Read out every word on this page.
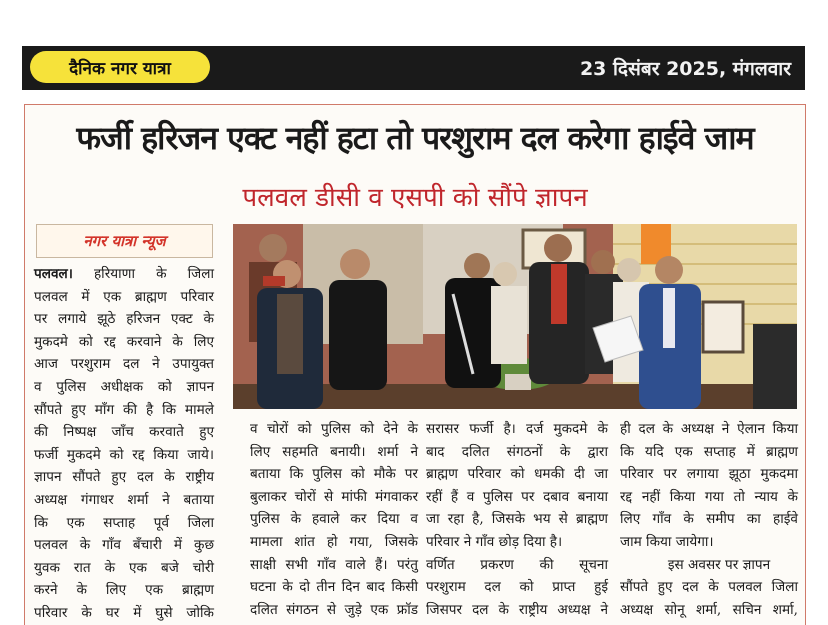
दैनिक नगर यात्रा	23 दिसंबर 2025, मंगलवार
फर्जी हरिजन एक्ट नहीं हटा तो परशुराम दल करेगा हाईवे जाम
पलवल डीसी व एसपी को सौंपे ज्ञापन
नगर यात्रा न्यूज
पलवल। हरियाणा के जिला
पलवल में एक ब्राह्मण परिवार
पर लगाये झूठे हरिजन एक्ट के
मुकदमे को रद्द करवाने के लिए
आज परशुराम दल ने उपायुक्त
व पुलिस अधीक्षक को ज्ञापन
सौंपते हुए माँग की है कि मामले
की निष्पक्ष जाँच करवाते हुए
फर्जी मुकदमे को रद्द किया जाये।
ज्ञापन सौंपते हुए दल के राष्ट्रीय
अध्यक्ष गंगाधर शर्मा ने बताया
कि एक सप्ताह पूर्व जिला
पलवल के गाँव बँचारी में कुछ
युवक रात के एक बजे चोरी
करने के लिए एक ब्राह्मण
परिवार के घर में घुसे जोकि
व चोरों को पुलिस को देने के
लिए सहमति बनायी। शर्मा ने
बताया कि पुलिस को मौके पर
बुलाकर चोरों से मांफी मंगवाकर
पुलिस के हवाले कर दिया व
मामला शांत हो गया, जिसके
साक्षी सभी गाँव वाले हैं। परंतु
घटना के दो तीन दिन बाद किसी
दलित संगठन से जुड़े एक फ्रॉड
सरासर फर्जी है। दर्ज मुकदमे के
बाद दलित संगठनों के द्वारा
ब्राह्मण परिवार को धमकी दी जा
रहीं हैं व पुलिस पर दबाव बनाया
जा रहा है, जिसके भय से ब्राह्मण
परिवार ने गाँव छोड़ दिया है।
वर्णित प्रकरण की सूचना
परशुराम दल को प्राप्त हुई
जिसपर दल के राष्ट्रीय अध्यक्ष ने
ही दल के अध्यक्ष ने ऐलान किया
कि यदि एक सप्ताह में ब्राह्मण
परिवार पर लगाया झूठा मुकदमा
रद्द नहीं किया गया तो न्याय के
लिए गाँव के समीप का हाईवे
जाम किया जायेगा।
इस अवसर पर ज्ञापन
सौंपते हुए दल के पलवल जिला
अध्यक्ष सोनू शर्मा, सचिन शर्मा,
